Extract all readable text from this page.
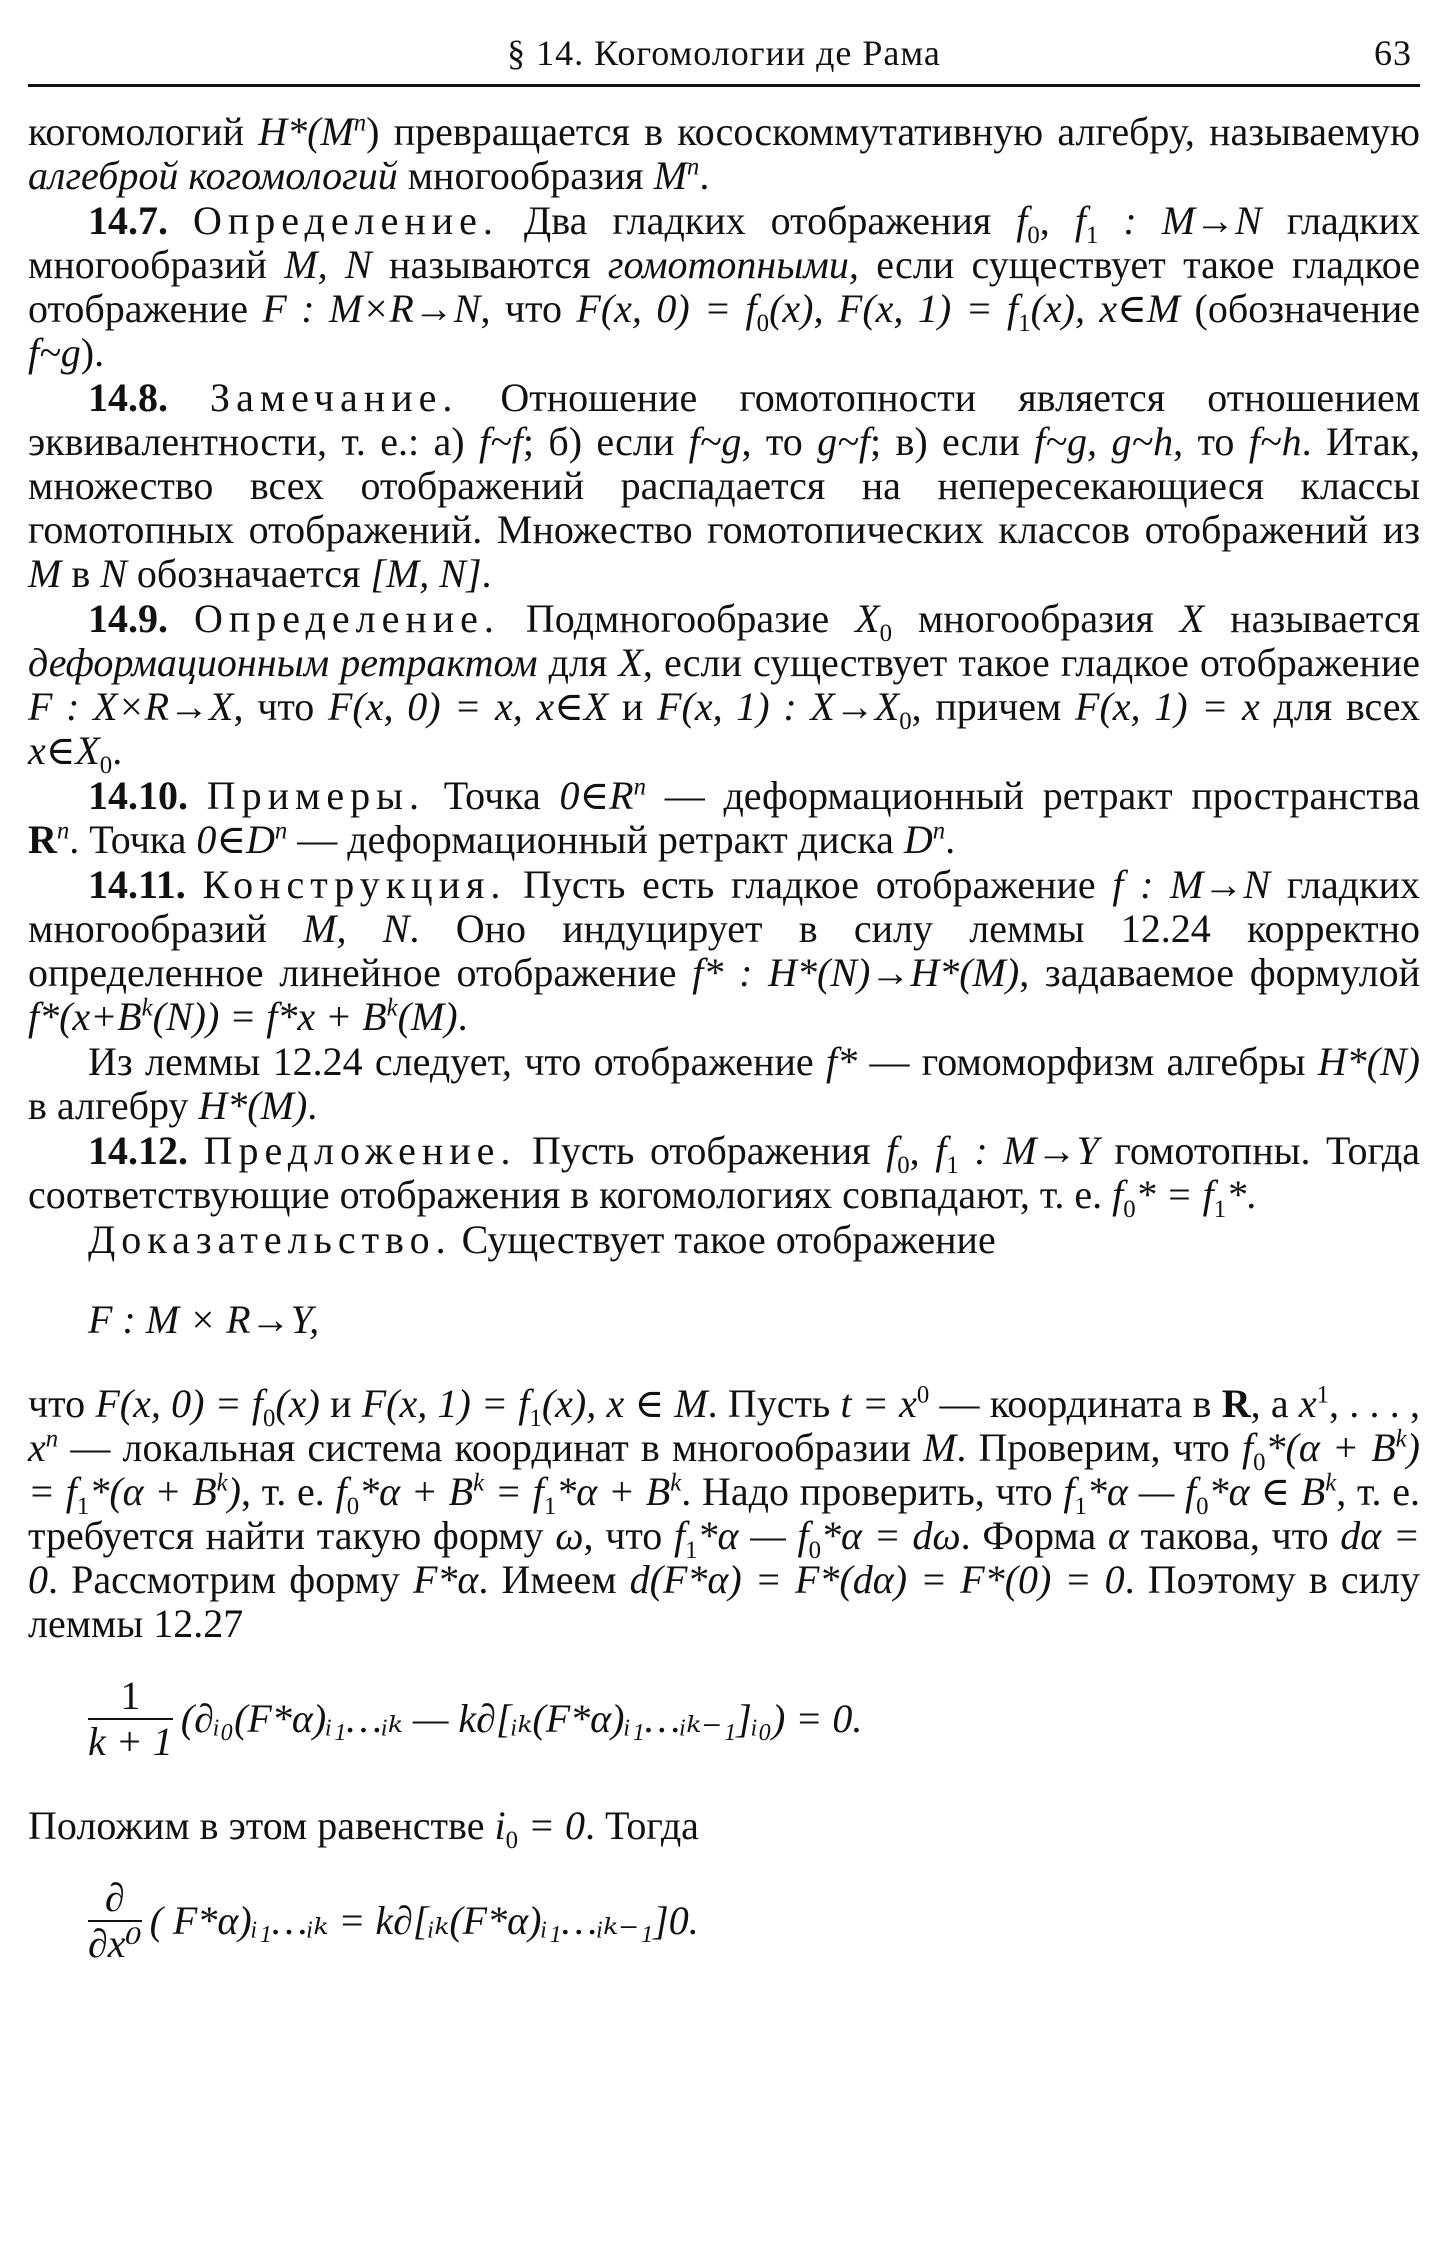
§ 14. Когомологии де Рама	63

когомологий $H*(M^n)$ превращается в кососкоммутативную алгебру, называемую алгеброй когомологий многообразия $M^n$.

14.7. Определение. Два гладких отображения $f_0$, $f_1$ : M→N гладких многообразий M, N называются гомотопными, если существует такое гладкое отображение F : M×R→N, что F(x, $0) = f_0(x)$, F(x, $1) = f_1(x)$, x∈M (обозначение f~g).

14.8. Замечание. Отношение гомотопности является отношением эквивалентности, т. е.: а) f~f; б) если f~g, то g~f; в) если f~g, g~h, то f~h. Итак, множество всех отображений распадается на непересекающиеся классы гомотопных отображений. Множество гомотопических классов отображений из M в N обозначается [M, N].

14.9. Определение. Подмногообразие $X_0$ многообразия X называется деформационным ретрактом для X, если существует такое гладкое отображение F : X×R→X, что F(x, 0) = x, x∈X и F(x, 1) : $X\to X_0$, причем F(x, 1) = x для всех $x\in X_0$.

14.10. Примеры. Точка $0\in R^n$ — деформационный ретракт пространства $R^n$. Точка $0\in D^n$ — деформационный ретракт диска $D^n$.

14.11. Конструкция. Пусть есть гладкое отображение f : M→N гладких многообразий M, N. Оно индуцирует в силу леммы 12.24 корректно определенное линейное отображение f* : H*(N)→H*(M), задаваемое формулой $f*(x+B^k(N)) = f*x + B^k(M)$.

Из леммы 12.24 следует, что отображение f* — гомоморфизм алгебры H*(N) в алгебру H*(M).

14.12. Предложение. Пусть отображения $f_0$, $f_1$ : M→Y гомотопны. Тогда соответствующие отображения в когомологиях совпадают, т. е. $f_0* = f_1*$.

Доказательство. Существует такое отображение

F : M × R→Y,

что F(x, $0) = f_0(x)$ и F(x, $1) = f_1(x)$, x ∈ M. Пусть $t = x^0$ — координата в R, а $x^1$, . . . , $x^n$ — локальная система координат в многообразии M. Проверим, что $f_0*(\alpha + B^k) = f_1*(\alpha + B^k)$, т. е. $f_0*\alpha + B^k = f_1*\alpha + B^k$. Надо проверить, что $f_1*\alpha$ — $f_0*\alpha$ ∈ $B^k$, т. е. требуется найти такую форму ω, что $f_1*\alpha$ — $f_0*\alpha = d\omega$. Форма α такова, что dα = 0. Рассмотрим форму F*α. Имеем d(F*α) = F*(dα) = F*(0) = 0. Поэтому в силу леммы 12.27

$\frac{1}{k + 1}$ (∂ᵢ₀(F*α)ᵢ₁…ᵢₖ — k∂[ᵢₖ(F*α)ᵢ₁…ᵢₖ₋₁]ᵢ₀) = 0.

Положим в этом равенстве $i_0 = 0$. Тогда

$\frac{\partial}{\text{∂x⁰}}$ ( F*α)ᵢ₁…ᵢₖ = k∂[ᵢₖ(F*α)ᵢ₁…ᵢₖ₋₁]0.
